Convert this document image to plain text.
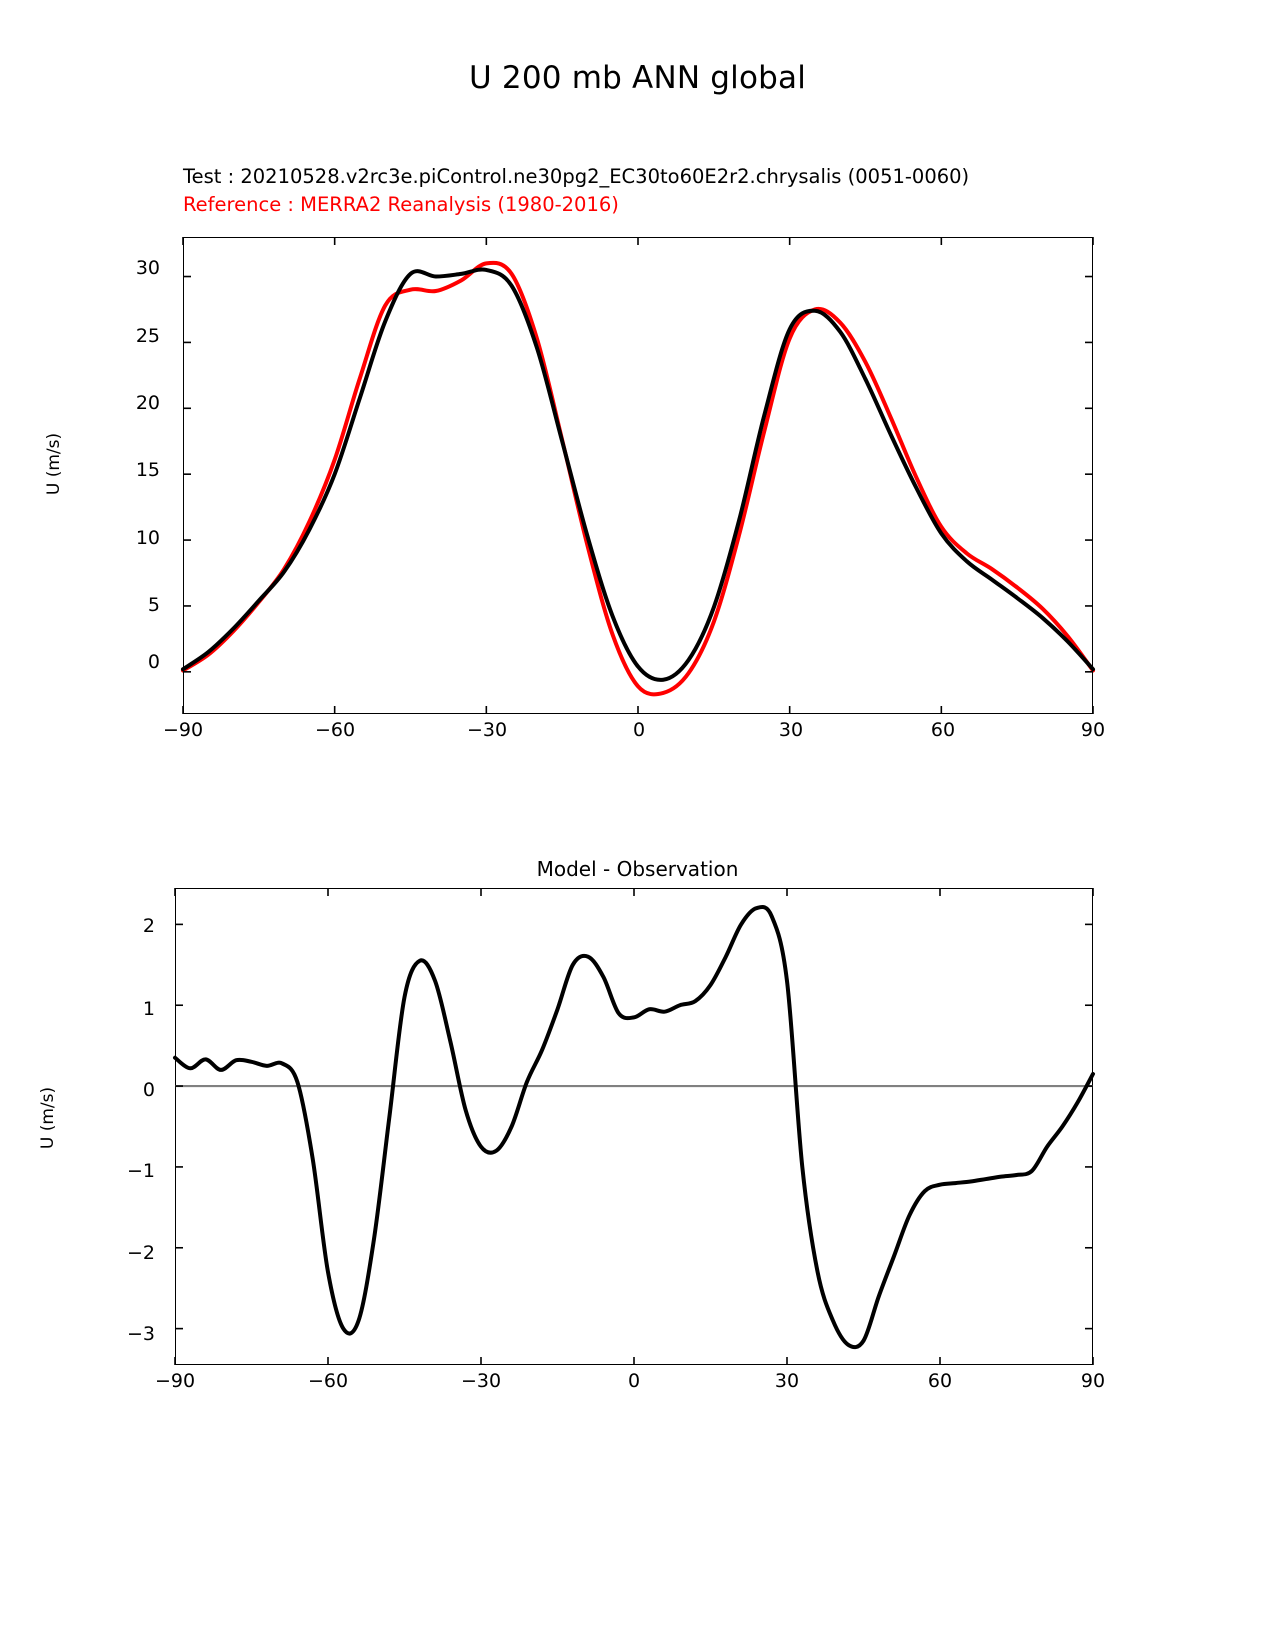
U 200 mb ANN global
Test : 20210528.v2rc3e.piControl.ne30pg2_EC30to60E2r2.chrysalis (0051-0060)
Reference : MERRA2 Reanalysis (1980-2016)
U (m/s)
30
25
20
15
10
5
0
−90	−60	−30	0	30	60	90
Model - Observation
U (m/s)
2
1
0
−1
−2
−3
−90	−60	−30	0	30	60	90
